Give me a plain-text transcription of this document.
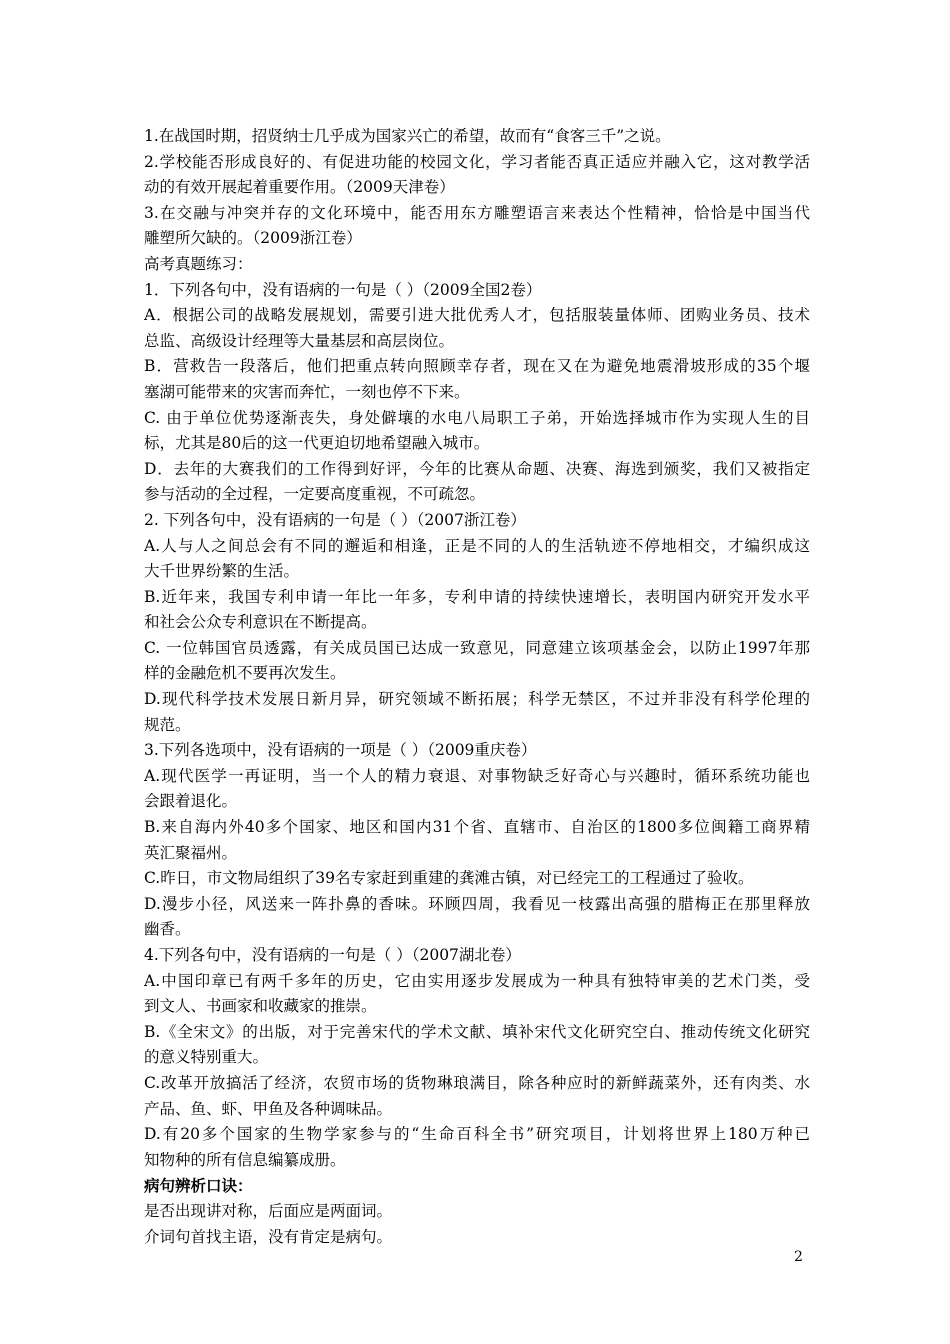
1.在战国时期，招贤纳士几乎成为国家兴亡的希望，故而有“食客三千”之说。
2.学校能否形成良好的、有促进功能的校园文化，学习者能否真正适应并融入它，这对教学活
动的有效开展起着重要作用。（2009天津卷）
3.在交融与冲突并存的文化环境中，能否用东方雕塑语言来表达个性精神，恰恰是中国当代
雕塑所欠缺的。（2009浙江卷）
高考真题练习：
1．下列各句中，没有语病的一句是（ ）（2009全国2卷）
A．根据公司的战略发展规划，需要引进大批优秀人才，包括服装量体师、团购业务员、技术
总监、高级设计经理等大量基层和高层岗位。
B．营救告一段落后，他们把重点转向照顾幸存者，现在又在为避免地震滑坡形成的35个堰
塞湖可能带来的灾害而奔忙，一刻也停不下来。
C. 由于单位优势逐渐丧失，身处僻壤的水电八局职工子弟，开始选择城市作为实现人生的目
标，尤其是80后的这一代更迫切地希望融入城市。
D．去年的大赛我们的工作得到好评，今年的比赛从命题、决赛、海选到颁奖，我们又被指定
参与活动的全过程，一定要高度重视，不可疏忽。
2. 下列各句中，没有语病的一句是（ ）（2007浙江卷）
A.人与人之间总会有不同的邂逅和相逢，正是不同的人的生活轨迹不停地相交，才编织成这
大千世界纷繁的生活。
B.近年来，我国专利申请一年比一年多，专利申请的持续快速增长，表明国内研究开发水平
和社会公众专利意识在不断提高。
C. 一位韩国官员透露，有关成员国已达成一致意见，同意建立该项基金会，以防止1997年那
样的金融危机不要再次发生。
D.现代科学技术发展日新月异，研究领域不断拓展；科学无禁区，不过并非没有科学伦理的
规范。
3.下列各选项中，没有语病的一项是（ ）（2009重庆卷）
A.现代医学一再证明，当一个人的精力衰退、对事物缺乏好奇心与兴趣时，循环系统功能也
会跟着退化。
B.来自海内外40多个国家、地区和国内31个省、直辖市、自治区的1800多位闽籍工商界精
英汇聚福州。
C.昨日，市文物局组织了39名专家赶到重建的龚滩古镇，对已经完工的工程通过了验收。
D.漫步小径，风送来一阵扑鼻的香味。环顾四周，我看见一枝露出高强的腊梅正在那里释放
幽香。
4.下列各句中，没有语病的一句是（ ）（2007湖北卷）
A.中国印章已有两千多年的历史，它由实用逐步发展成为一种具有独特审美的艺术门类，受
到文人、书画家和收藏家的推崇。
B.《全宋文》的出版，对于完善宋代的学术文献、填补宋代文化研究空白、推动传统文化研究
的意义特别重大。
C.改革开放搞活了经济，农贸市场的货物琳琅满目，除各种应时的新鲜蔬菜外，还有肉类、水
产品、鱼、虾、甲鱼及各种调味品。
D.有20多个国家的生物学家参与的“生命百科全书”研究项目，计划将世界上180万种已
知物种的所有信息编纂成册。
病句辨析口诀：
是否出现讲对称，后面应是两面词。
介词句首找主语，没有肯定是病句。
2
